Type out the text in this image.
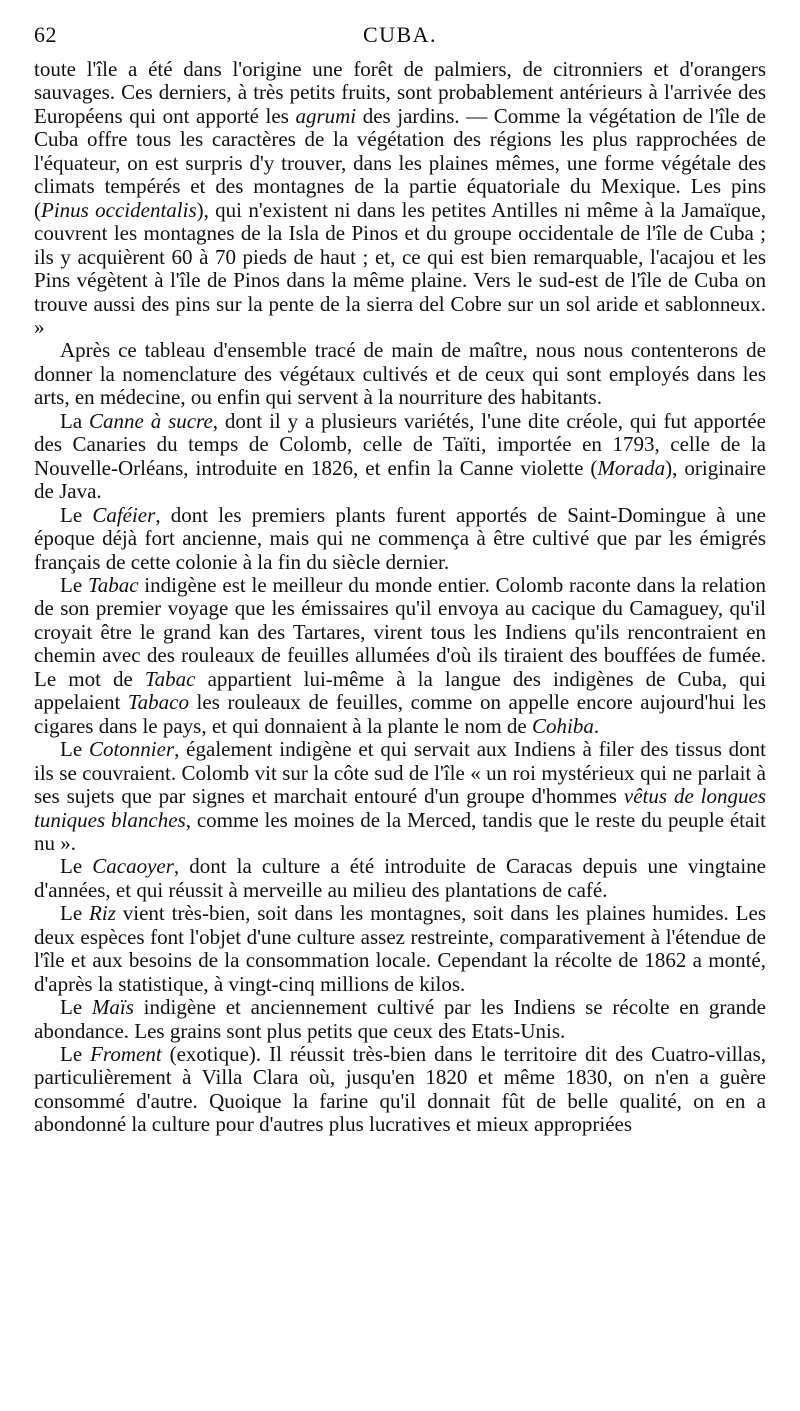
62	CUBA.

toute l'île a été dans l'origine une forêt de palmiers, de citronniers et d'orangers sauvages. Ces derniers, à très petits fruits, sont probablement antérieurs à l'arrivée des Européens qui ont apporté les agrumi des jardins. — Comme la végétation de l'île de Cuba offre tous les caractères de la végétation des régions les plus rapprochées de l'équateur, on est surpris d'y trouver, dans les plaines mêmes, une forme végétale des climats tempérés et des montagnes de la partie équatoriale du Mexique. Les pins (Pinus occidentalis), qui n'existent ni dans les petites Antilles ni même à la Jamaïque, couvrent les montagnes de la Isla de Pinos et du groupe occidentale de l'île de Cuba ; ils y acquièrent 60 à 70 pieds de haut ; et, ce qui est bien remarquable, l'acajou et les Pins végètent à l'île de Pinos dans la même plaine. Vers le sud-est de l'île de Cuba on trouve aussi des pins sur la pente de la sierra del Cobre sur un sol aride et sablonneux. »

Après ce tableau d'ensemble tracé de main de maître, nous nous contenterons de donner la nomenclature des végétaux cultivés et de ceux qui sont employés dans les arts, en médecine, ou enfin qui servent à la nourriture des habitants.

La Canne à sucre, dont il y a plusieurs variétés, l'une dite créole, qui fut apportée des Canaries du temps de Colomb, celle de Taïti, importée en 1793, celle de la Nouvelle-Orléans, introduite en 1826, et enfin la Canne violette (Morada), originaire de Java.

Le Caféier, dont les premiers plants furent apportés de Saint-Domingue à une époque déjà fort ancienne, mais qui ne commença à être cultivé que par les émigrés français de cette colonie à la fin du siècle dernier.

Le Tabac indigène est le meilleur du monde entier. Colomb raconte dans la relation de son premier voyage que les émissaires qu'il envoya au cacique du Camaguey, qu'il croyait être le grand kan des Tartares, virent tous les Indiens qu'ils rencontraient en chemin avec des rouleaux de feuilles allumées d'où ils tiraient des bouffées de fumée. Le mot de Tabac appartient lui-même à la langue des indigènes de Cuba, qui appelaient Tabaco les rouleaux de feuilles, comme on appelle encore aujourd'hui les cigares dans le pays, et qui donnaient à la plante le nom de Cohiba.

Le Cotonnier, également indigène et qui servait aux Indiens à filer des tissus dont ils se couvraient. Colomb vit sur la côte sud de l'île « un roi mystérieux qui ne parlait à ses sujets que par signes et marchait entouré d'un groupe d'hommes vêtus de longues tuniques blanches, comme les moines de la Merced, tandis que le reste du peuple était nu ».

Le Cacaoyer, dont la culture a été introduite de Caracas depuis une vingtaine d'années, et qui réussit à merveille au milieu des plantations de café.

Le Riz vient très-bien, soit dans les montagnes, soit dans les plaines humides. Les deux espèces font l'objet d'une culture assez restreinte, comparativement à l'étendue de l'île et aux besoins de la consommation locale. Cependant la récolte de 1862 a monté, d'après la statistique, à vingt-cinq millions de kilos.

Le Maïs indigène et anciennement cultivé par les Indiens se récolte en grande abondance. Les grains sont plus petits que ceux des Etats-Unis.

Le Froment (exotique). Il réussit très-bien dans le territoire dit des Cuatro-villas, particulièrement à Villa Clara où, jusqu'en 1820 et même 1830, on n'en a guère consommé d'autre. Quoique la farine qu'il donnait fût de belle qualité, on en a abondonné la culture pour d'autres plus lucratives et mieux appropriées
